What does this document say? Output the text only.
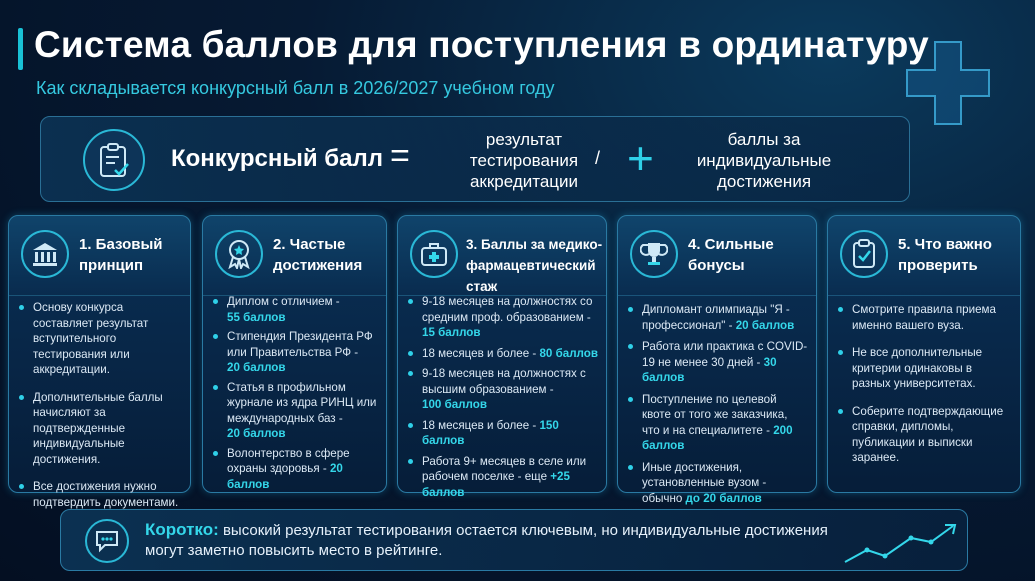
Система баллов для поступления в ординатуру
Как складывается конкурсный балл в 2026/2027 учебном году
Конкурсный балл =	результат
тестирования
аккредитации
/ +	баллы за
индивидуальные
достижения
1. Базовый
принцип
Основу конкурса составляет результат вступительного тестирования или аккредитации.
Дополнительные баллы начисляют за подтвержденные индивидуальные достижения.
Все достижения нужно подтвердить документами.
2. Частые
достижения
Диплом с отличием -
55 баллов
Стипендия Президента РФ или Правительства РФ -
20 баллов
Статья в профильном журнале из ядра РИНЦ или международных баз -
20 баллов
Волонтерство в сфере охраны здоровья - 20 баллов
3. Баллы за медико-
фармацевтический стаж
9-18 месяцев на должностях со средним проф. образованием -
15 баллов
18 месяцев и более - 80 баллов
9-18 месяцев на должностях с высшим образованием -
100 баллов
18 месяцев и более - 150 баллов
Работа 9+ месяцев в селе или рабочем поселке - еще +25 баллов
4. Сильные
бонусы
Дипломант олимпиады "Я - профессионал" - 20 баллов
Работа или практика с COVID-19 не менее 30 дней - 30 баллов
Поступление по целевой квоте от того же заказчика, что и на специалитете - 200 баллов
Иные достижения, установленные вузом - обычно до 20 баллов
5. Что важно
проверить
Смотрите правила приема именно вашего вуза.
Не все дополнительные критерии одинаковы в разных университетах.
Соберите подтверждающие справки, дипломы, публикации и выписки заранее.
Коротко: высокий результат тестирования остается ключевым, но индивидуальные достижения могут заметно повысить место в рейтинге.
